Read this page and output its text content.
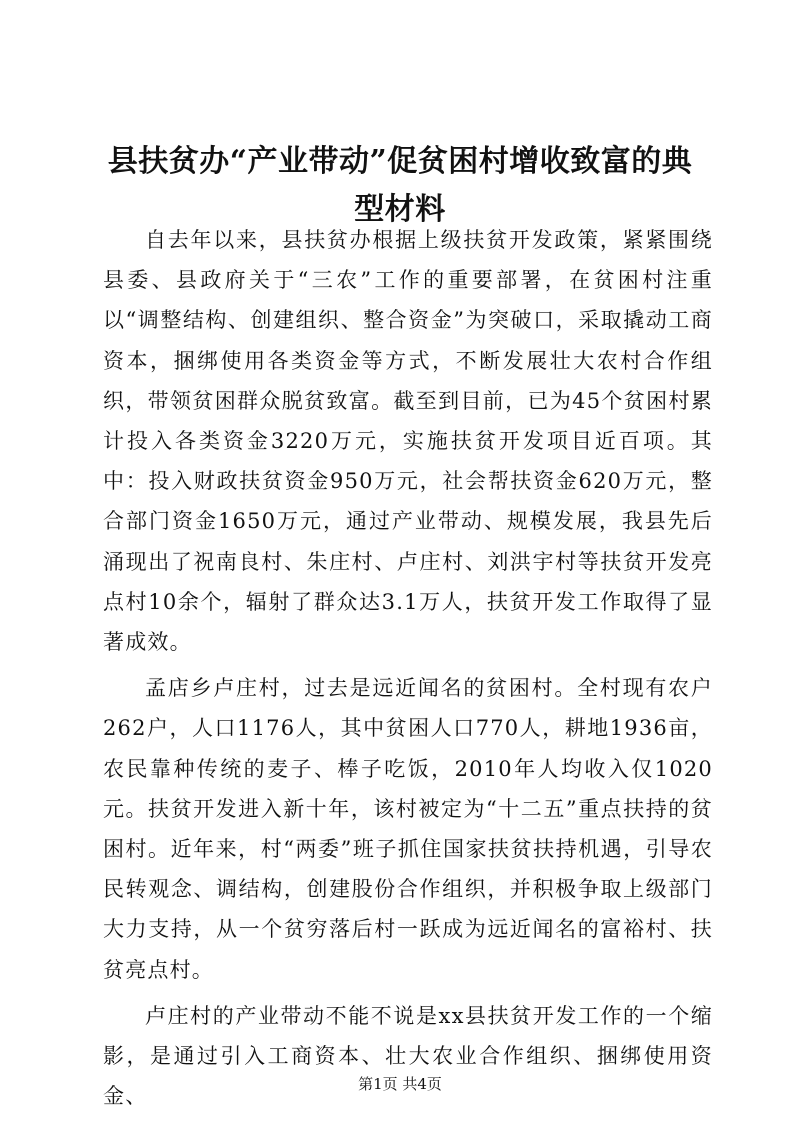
县扶贫办“产业带动”促贫困村增收致富的典型材料

自去年以来，县扶贫办根据上级扶贫开发政策，紧紧围绕县委、县政府关于“三农”工作的重要部署，在贫困村注重以“调整结构、创建组织、整合资金”为突破口，采取撬动工商资本，捆绑使用各类资金等方式，不断发展壮大农村合作组织，带领贫困群众脱贫致富。截至到目前，已为45个贫困村累计投入各类资金3220万元，实施扶贫开发项目近百项。其中：投入财政扶贫资金950万元，社会帮扶资金620万元，整合部门资金1650万元，通过产业带动、规模发展，我县先后涌现出了祝南良村、朱庄村、卢庄村、刘洪宇村等扶贫开发亮点村10余个，辐射了群众达3.1万人，扶贫开发工作取得了显著成效。

孟店乡卢庄村，过去是远近闻名的贫困村。全村现有农户262户，人口1176人，其中贫困人口770人，耕地1936亩，农民靠种传统的麦子、棒子吃饭，2010年人均收入仅1020元。扶贫开发进入新十年，该村被定为“十二五”重点扶持的贫困村。近年来，村“两委”班子抓住国家扶贫扶持机遇，引导农民转观念、调结构，创建股份合作组织，并积极争取上级部门大力支持，从一个贫穷落后村一跃成为远近闻名的富裕村、扶贫亮点村。

卢庄村的产业带动不能不说是xx县扶贫开发工作的一个缩影，是通过引入工商资本、壮大农业合作组织、捆绑使用资金、

第1页 共4页
